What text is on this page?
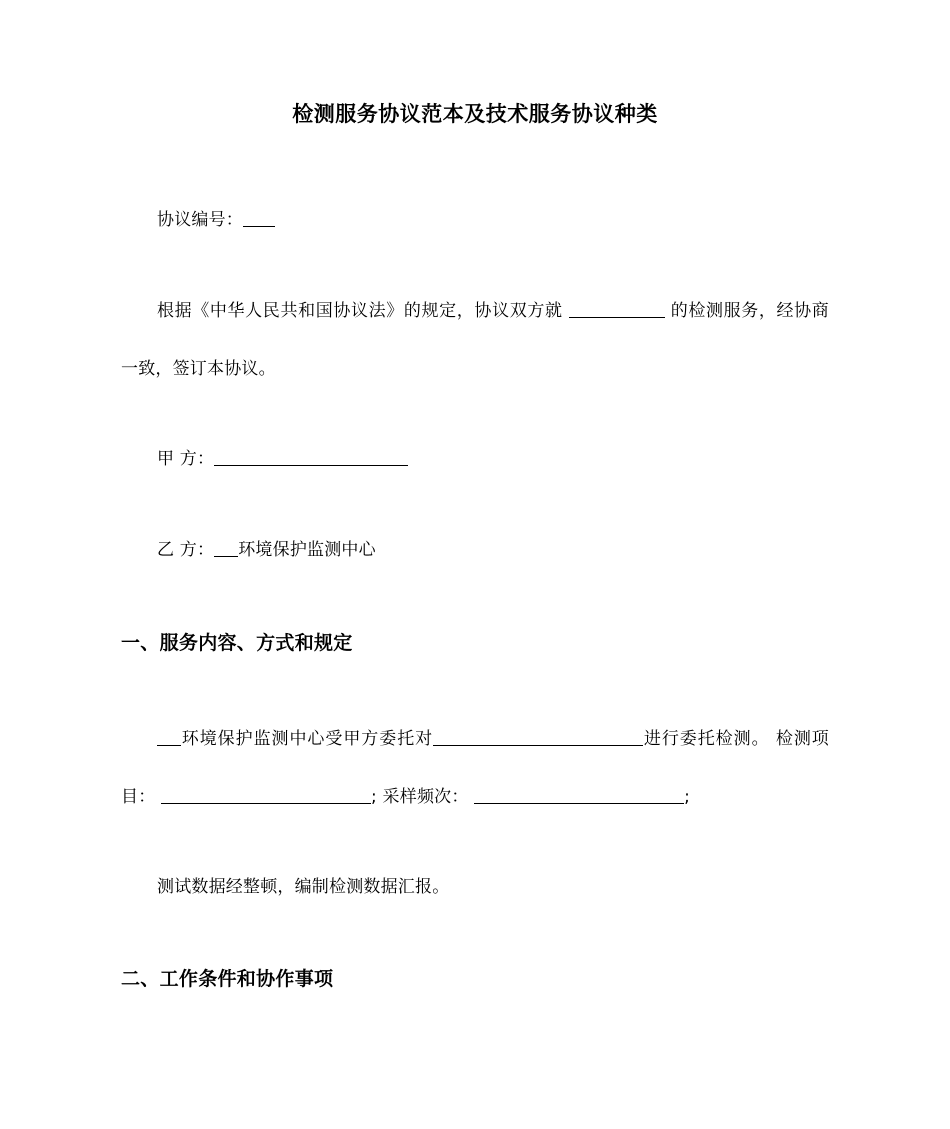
检测服务协议范本及技术服务协议种类
协议编号：
根据《中华人民共和国协议法》的规定，协议双方就	的检测服务，经协商一致，签订本协议。
甲 方：
乙 方： 环境保护监测中心
一、服务内容、方式和规定
环境保护监测中心受甲方委托对	进行委托检测。 检测项目：	; 采样频次：	;
测试数据经整顿，编制检测数据汇报。
二、工作条件和协作事项
